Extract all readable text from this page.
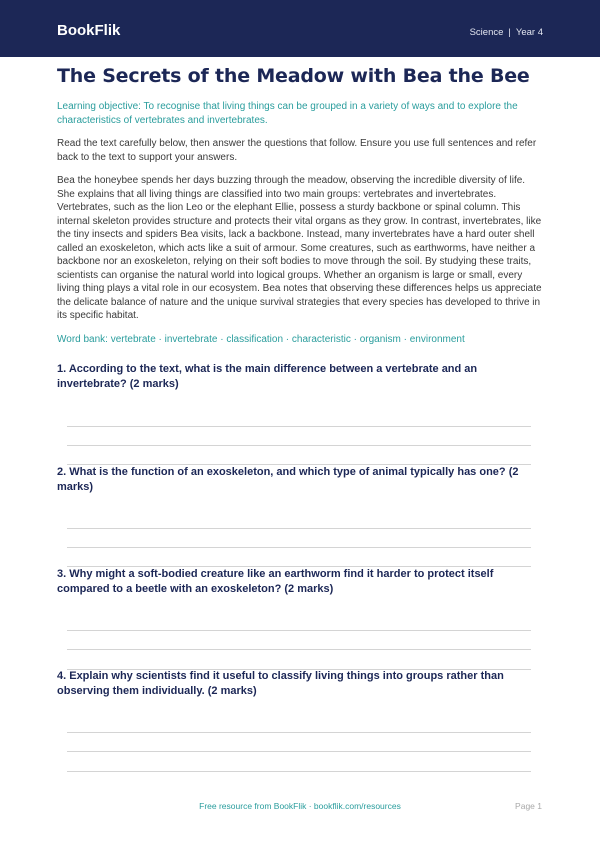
BookFlik	Science | Year 4
The Secrets of the Meadow with Bea the Bee
Learning objective: To recognise that living things can be grouped in a variety of ways and to explore the characteristics of vertebrates and invertebrates.
Read the text carefully below, then answer the questions that follow. Ensure you use full sentences and refer back to the text to support your answers.
Bea the honeybee spends her days buzzing through the meadow, observing the incredible diversity of life. She explains that all living things are classified into two main groups: vertebrates and invertebrates. Vertebrates, such as the lion Leo or the elephant Ellie, possess a sturdy backbone or spinal column. This internal skeleton provides structure and protects their vital organs as they grow. In contrast, invertebrates, like the tiny insects and spiders Bea visits, lack a backbone. Instead, many invertebrates have a hard outer shell called an exoskeleton, which acts like a suit of armour. Some creatures, such as earthworms, have neither a backbone nor an exoskeleton, relying on their soft bodies to move through the soil. By studying these traits, scientists can organise the natural world into logical groups. Whether an organism is large or small, every living thing plays a vital role in our ecosystem. Bea notes that observing these differences helps us appreciate the delicate balance of nature and the unique survival strategies that every species has developed to thrive in its specific habitat.
Word bank: vertebrate · invertebrate · classification · characteristic · organism · environment
1. According to the text, what is the main difference between a vertebrate and an invertebrate? (2 marks)
2. What is the function of an exoskeleton, and which type of animal typically has one? (2 marks)
3. Why might a soft-bodied creature like an earthworm find it harder to protect itself compared to a beetle with an exoskeleton? (2 marks)
4. Explain why scientists find it useful to classify living things into groups rather than observing them individually. (2 marks)
Free resource from BookFlik · bookflik.com/resources	Page 1
